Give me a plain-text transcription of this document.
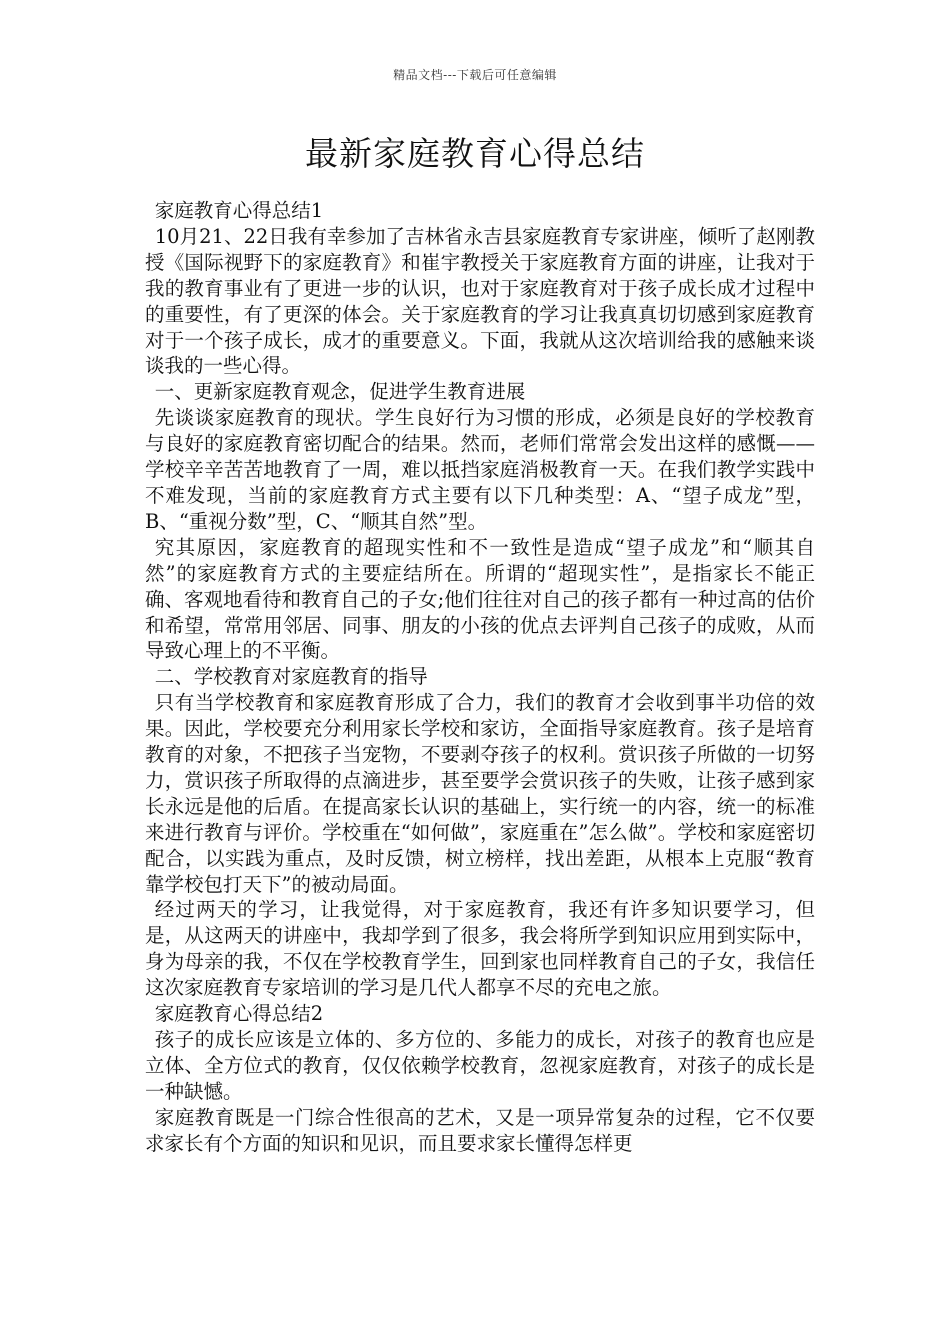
精品文档---下载后可任意编辑
最新家庭教育心得总结

家庭教育心得总结1

10月21、22日我有幸参加了吉林省永吉县家庭教育专家讲座，倾听了赵刚教授《国际视野下的家庭教育》和崔宇教授关于家庭教育方面的讲座，让我对于我的教育事业有了更进一步的认识，也对于家庭教育对于孩子成长成才过程中的重要性，有了更深的体会。关于家庭教育的学习让我真真切切感到家庭教育对于一个孩子成长，成才的重要意义。下面，我就从这次培训给我的感触来谈谈我的一些心得。

一、更新家庭教育观念，促进学生教育进展

先谈谈家庭教育的现状。学生良好行为习惯的形成，必须是良好的学校教育与良好的家庭教育密切配合的结果。然而，老师们常常会发出这样的感慨——学校辛辛苦苦地教育了一周，难以抵挡家庭消极教育一天。在我们教学实践中不难发现，当前的家庭教育方式主要有以下几种类型：A、“望子成龙”型，B、“重视分数”型，C、“顺其自然”型。

究其原因，家庭教育的超现实性和不一致性是造成“望子成龙”和“顺其自然”的家庭教育方式的主要症结所在。所谓的“超现实性”，是指家长不能正确、客观地看待和教育自己的子女;他们往往对自己的孩子都有一种过高的估价和希望，常常用邻居、同事、朋友的小孩的优点去评判自己孩子的成败，从而导致心理上的不平衡。

二、学校教育对家庭教育的指导

只有当学校教育和家庭教育形成了合力，我们的教育才会收到事半功倍的效果。因此，学校要充分利用家长学校和家访，全面指导家庭教育。孩子是培育教育的对象，不把孩子当宠物，不要剥夺孩子的权利。赏识孩子所做的一切努力，赏识孩子所取得的点滴进步，甚至要学会赏识孩子的失败，让孩子感到家长永远是他的后盾。在提高家长认识的基础上，实行统一的内容，统一的标准来进行教育与评价。学校重在“如何做”，家庭重在”怎么做”。学校和家庭密切配合，以实践为重点，及时反馈，树立榜样，找出差距，从根本上克服“教育靠学校包打天下”的被动局面。

经过两天的学习，让我觉得，对于家庭教育，我还有许多知识要学习，但是，从这两天的讲座中，我却学到了很多，我会将所学到知识应用到实际中，身为母亲的我，不仅在学校教育学生，回到家也同样教育自己的子女，我信任这次家庭教育专家培训的学习是几代人都享不尽的充电之旅。

家庭教育心得总结2

孩子的成长应该是立体的、多方位的、多能力的成长，对孩子的教育也应是立体、全方位式的教育，仅仅依赖学校教育，忽视家庭教育，对孩子的成长是一种缺憾。

家庭教育既是一门综合性很高的艺术，又是一项异常复杂的过程，它不仅要求家长有个方面的知识和见识，而且要求家长懂得怎样更
